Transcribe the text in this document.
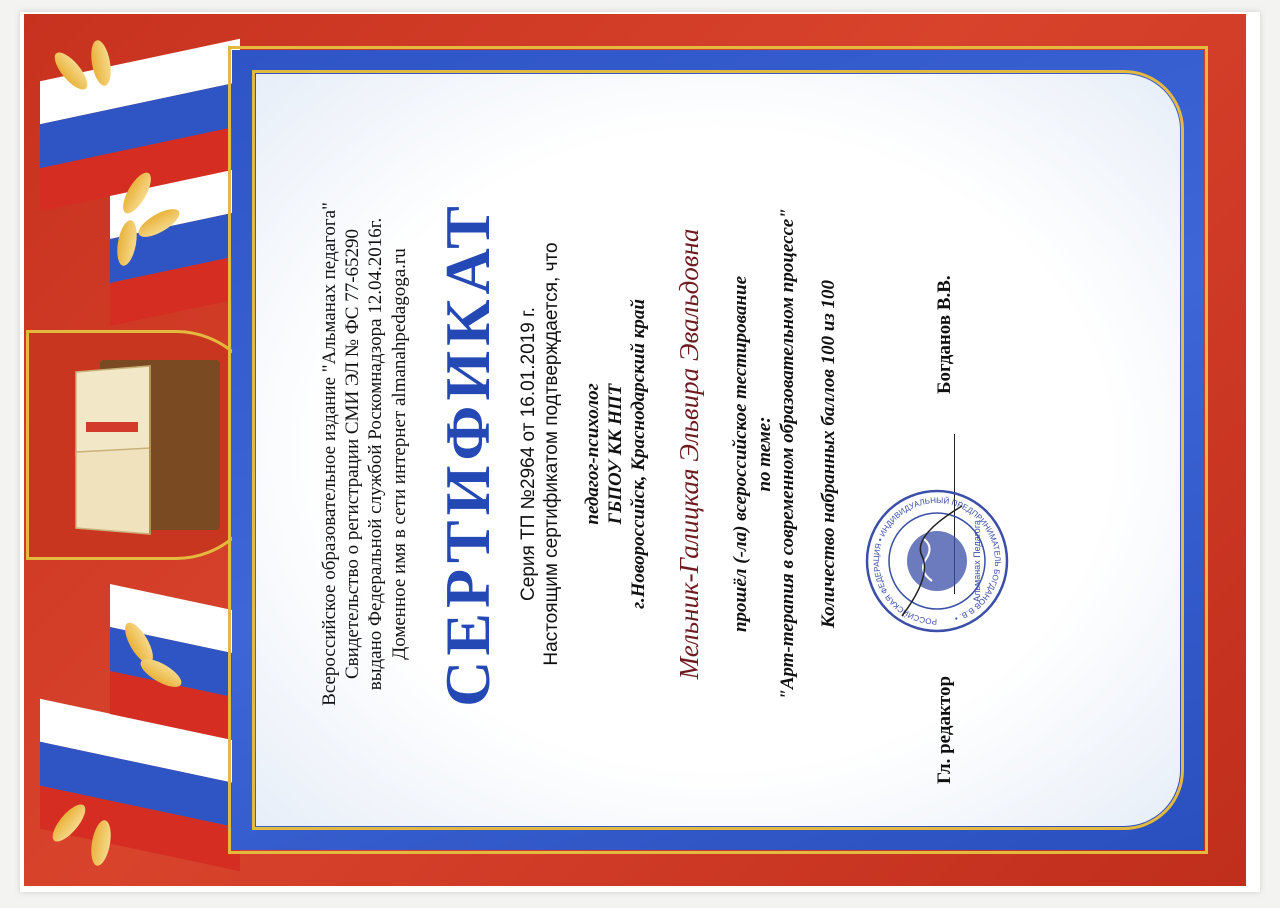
Всероссийское образовательное издание "Альманах педагога" Свидетельство о регистрации СМИ ЭЛ № ФС 77-65290 выдано Федеральной службой Роскомнадзора 12.04.2016г. Доменное имя в сети интернет almanahpedagoga.ru СЕРТИФИКАТ Серия ТП №2964 от 16.01.2019 г. Настоящим сертификатом подтверждается, что педагог-психолог ГБПОУ КК НПТ г.Новороссийск, Краснодарский край Мельник-Галицкая Эльвира Эвальдовна прошёл (-ла) всероссийское тестирование по теме: "Арт-терапия в современном образовательном процессе" Количество набранных баллов 100 из 100

Гл. редактор
Богданов В.В.
РОССИЙСКАЯ ФЕДЕРАЦИЯ • ИНДИВИДУАЛЬНЫЙ ПРЕДПРИНИМАТЕЛЬ БОГДАНОВ В.В. •
Альманах Педагога
